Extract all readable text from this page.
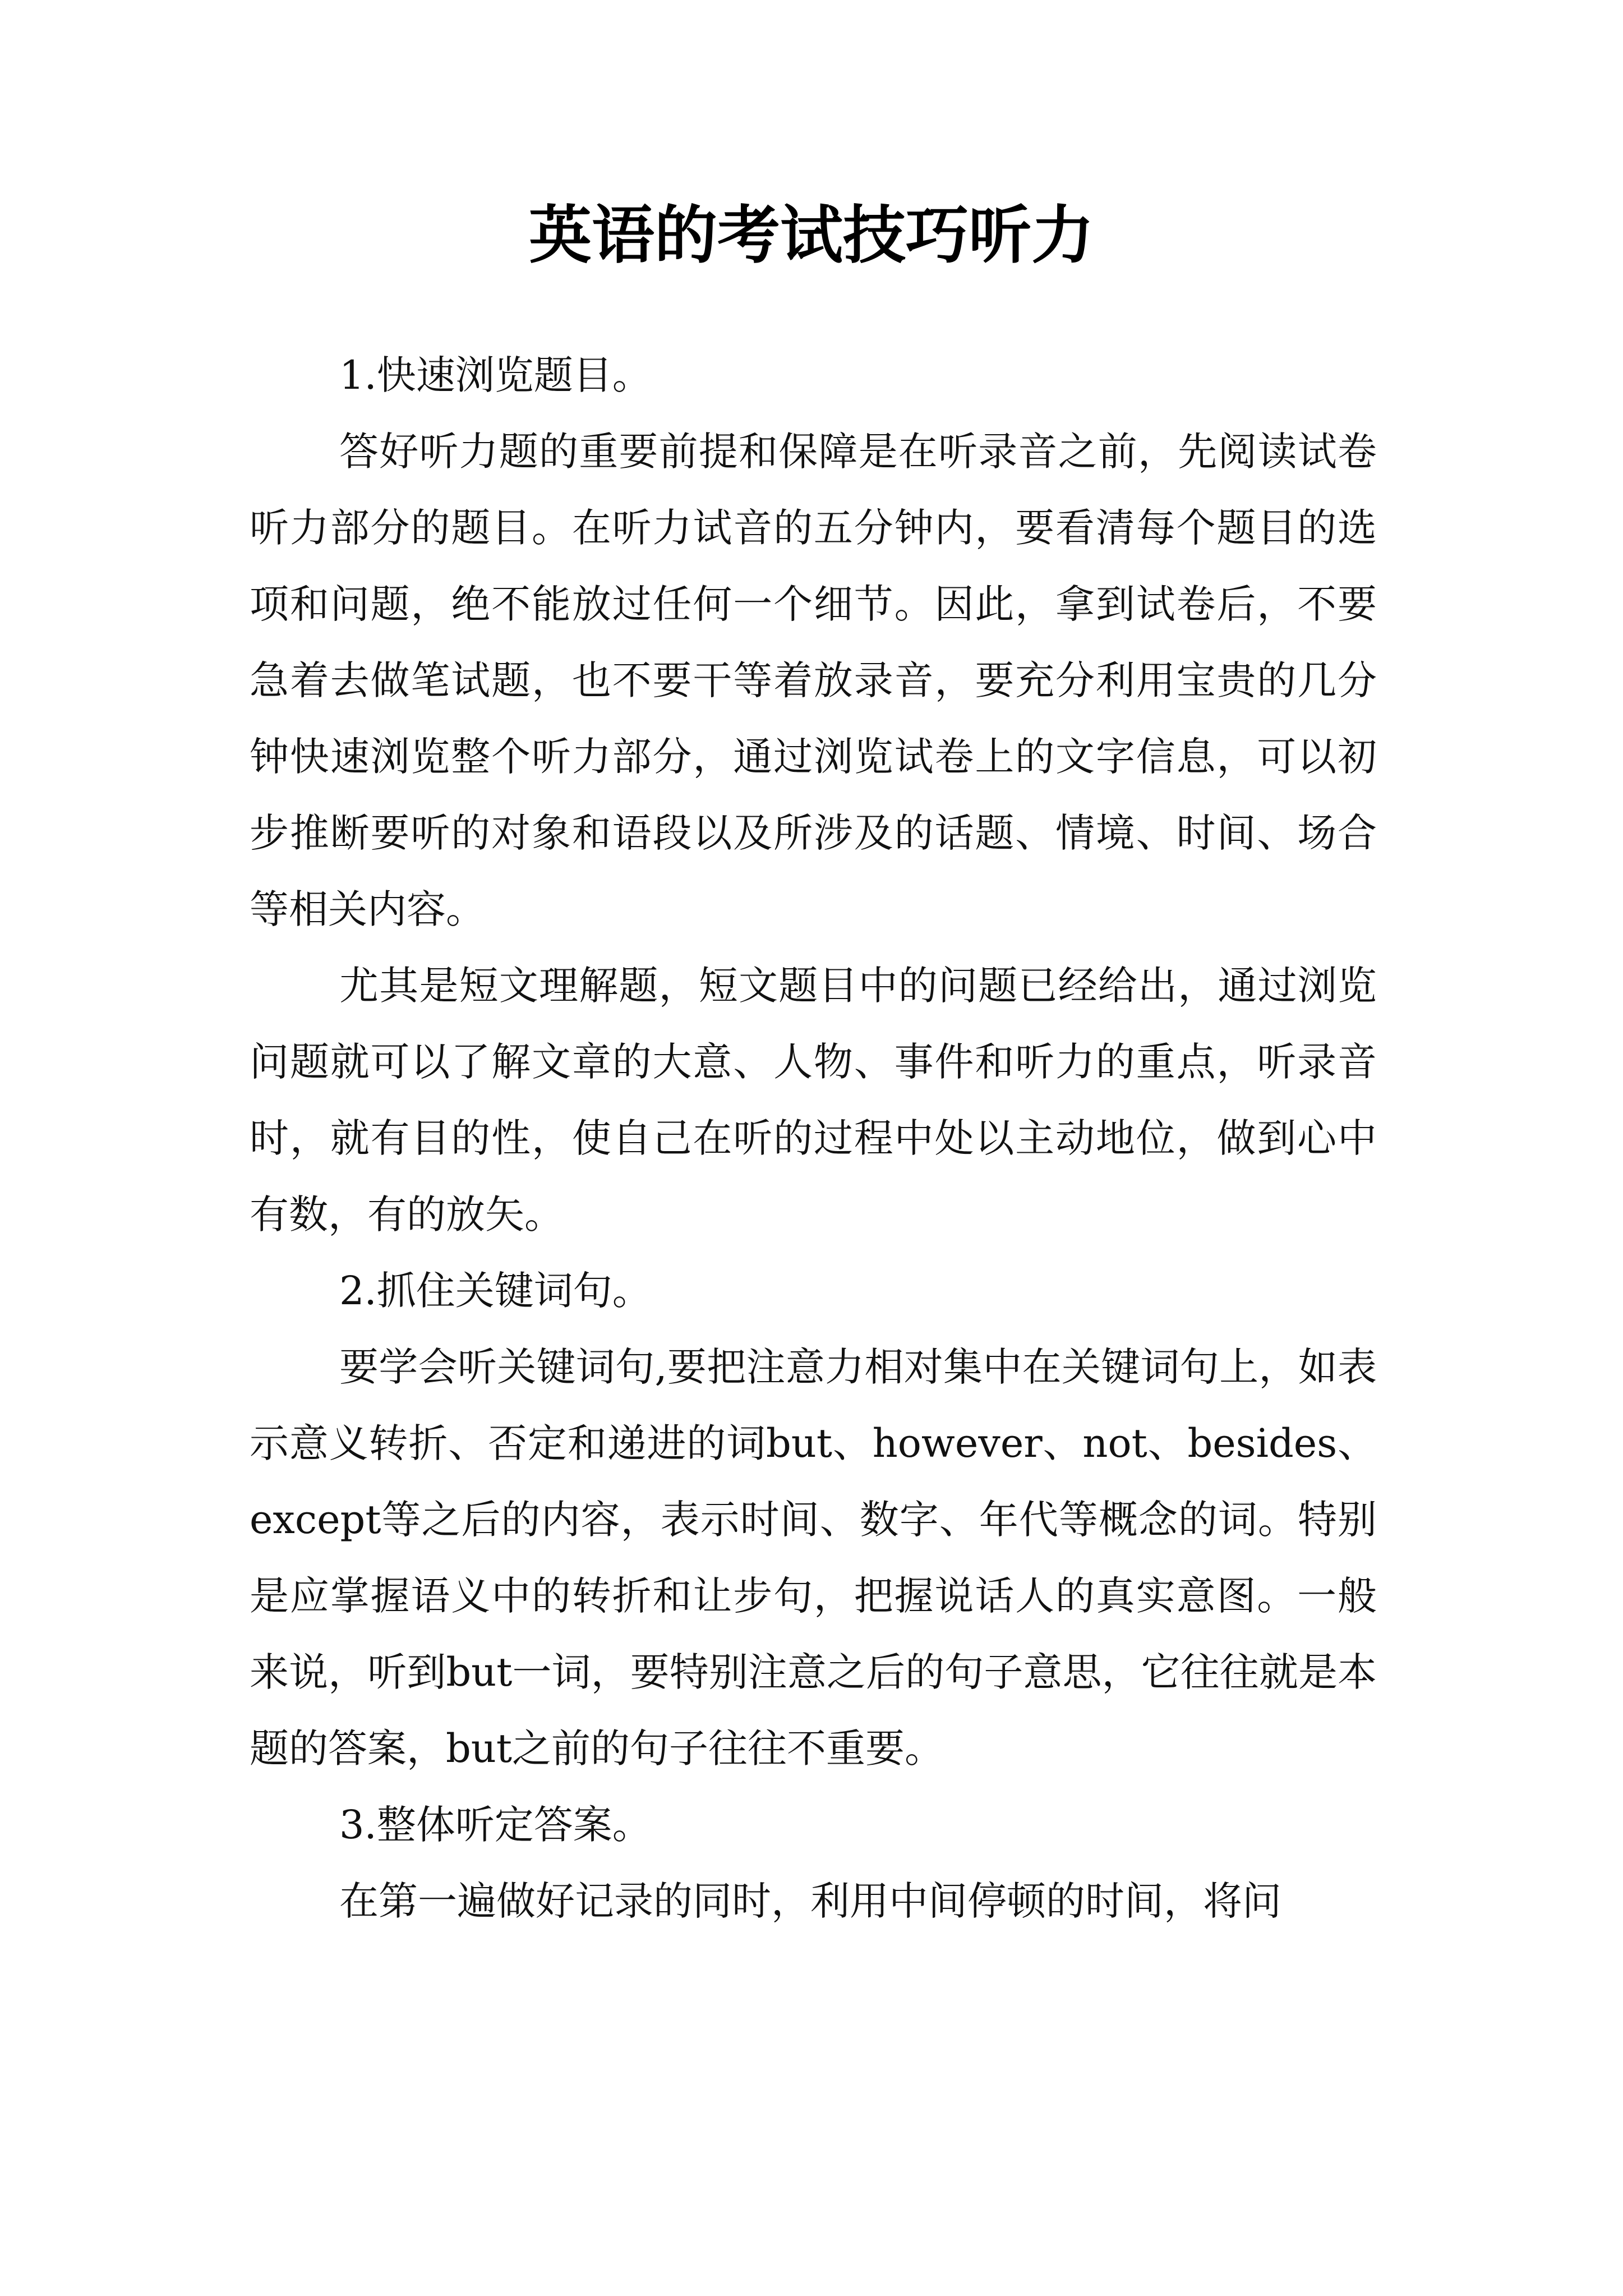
英语的考试技巧听力

1.快速浏览题目。

答好听力题的重要前提和保障是在听录音之前，先阅读试卷听力部分的题目。在听力试音的五分钟内，要看清每个题目的选项和问题，绝不能放过任何一个细节。因此，拿到试卷后，不要急着去做笔试题，也不要干等着放录音，要充分利用宝贵的几分钟快速浏览整个听力部分，通过浏览试卷上的文字信息，可以初步推断要听的对象和语段以及所涉及的话题、情境、时间、场合等相关内容。

尤其是短文理解题，短文题目中的问题已经给出，通过浏览问题就可以了解文章的大意、人物、事件和听力的重点，听录音时，就有目的性，使自己在听的过程中处以主动地位，做到心中有数，有的放矢。

2.抓住关键词句。

要学会听关键词句,要把注意力相对集中在关键词句上，如表示意义转折、否定和递进的词but、however、not、besides、except等之后的内容，表示时间、数字、年代等概念的词。特别是应掌握语义中的转折和让步句，把握说话人的真实意图。一般来说，听到but一词，要特别注意之后的句子意思，它往往就是本题的答案，but之前的句子往往不重要。

3.整体听定答案。

在第一遍做好记录的同时，利用中间停顿的时间，将问
